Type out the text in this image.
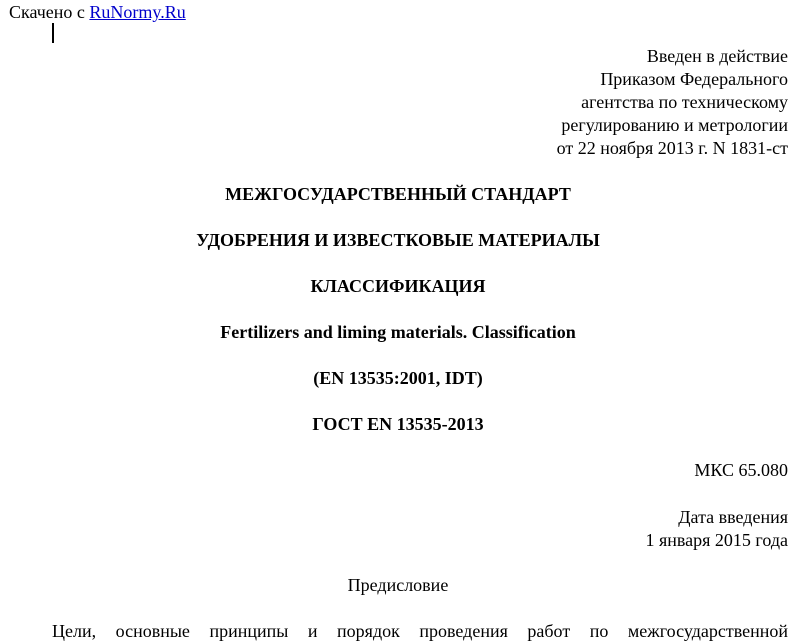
Скачено с RuNormy.Ru
Введен в действие
Приказом Федерального
агентства по техническому
регулированию и метрологии
от 22 ноября 2013 г. N 1831-ст
МЕЖГОСУДАРСТВЕННЫЙ СТАНДАРТ
УДОБРЕНИЯ И ИЗВЕСТКОВЫЕ МАТЕРИАЛЫ
КЛАССИФИКАЦИЯ
Fertilizers and liming materials. Classification
(EN 13535:2001, IDT)
ГОСТ EN 13535-2013
МКС 65.080
Дата введения
1 января 2015 года
Предисловие
Цели, основные принципы и порядок проведения работ по межгосударственной
